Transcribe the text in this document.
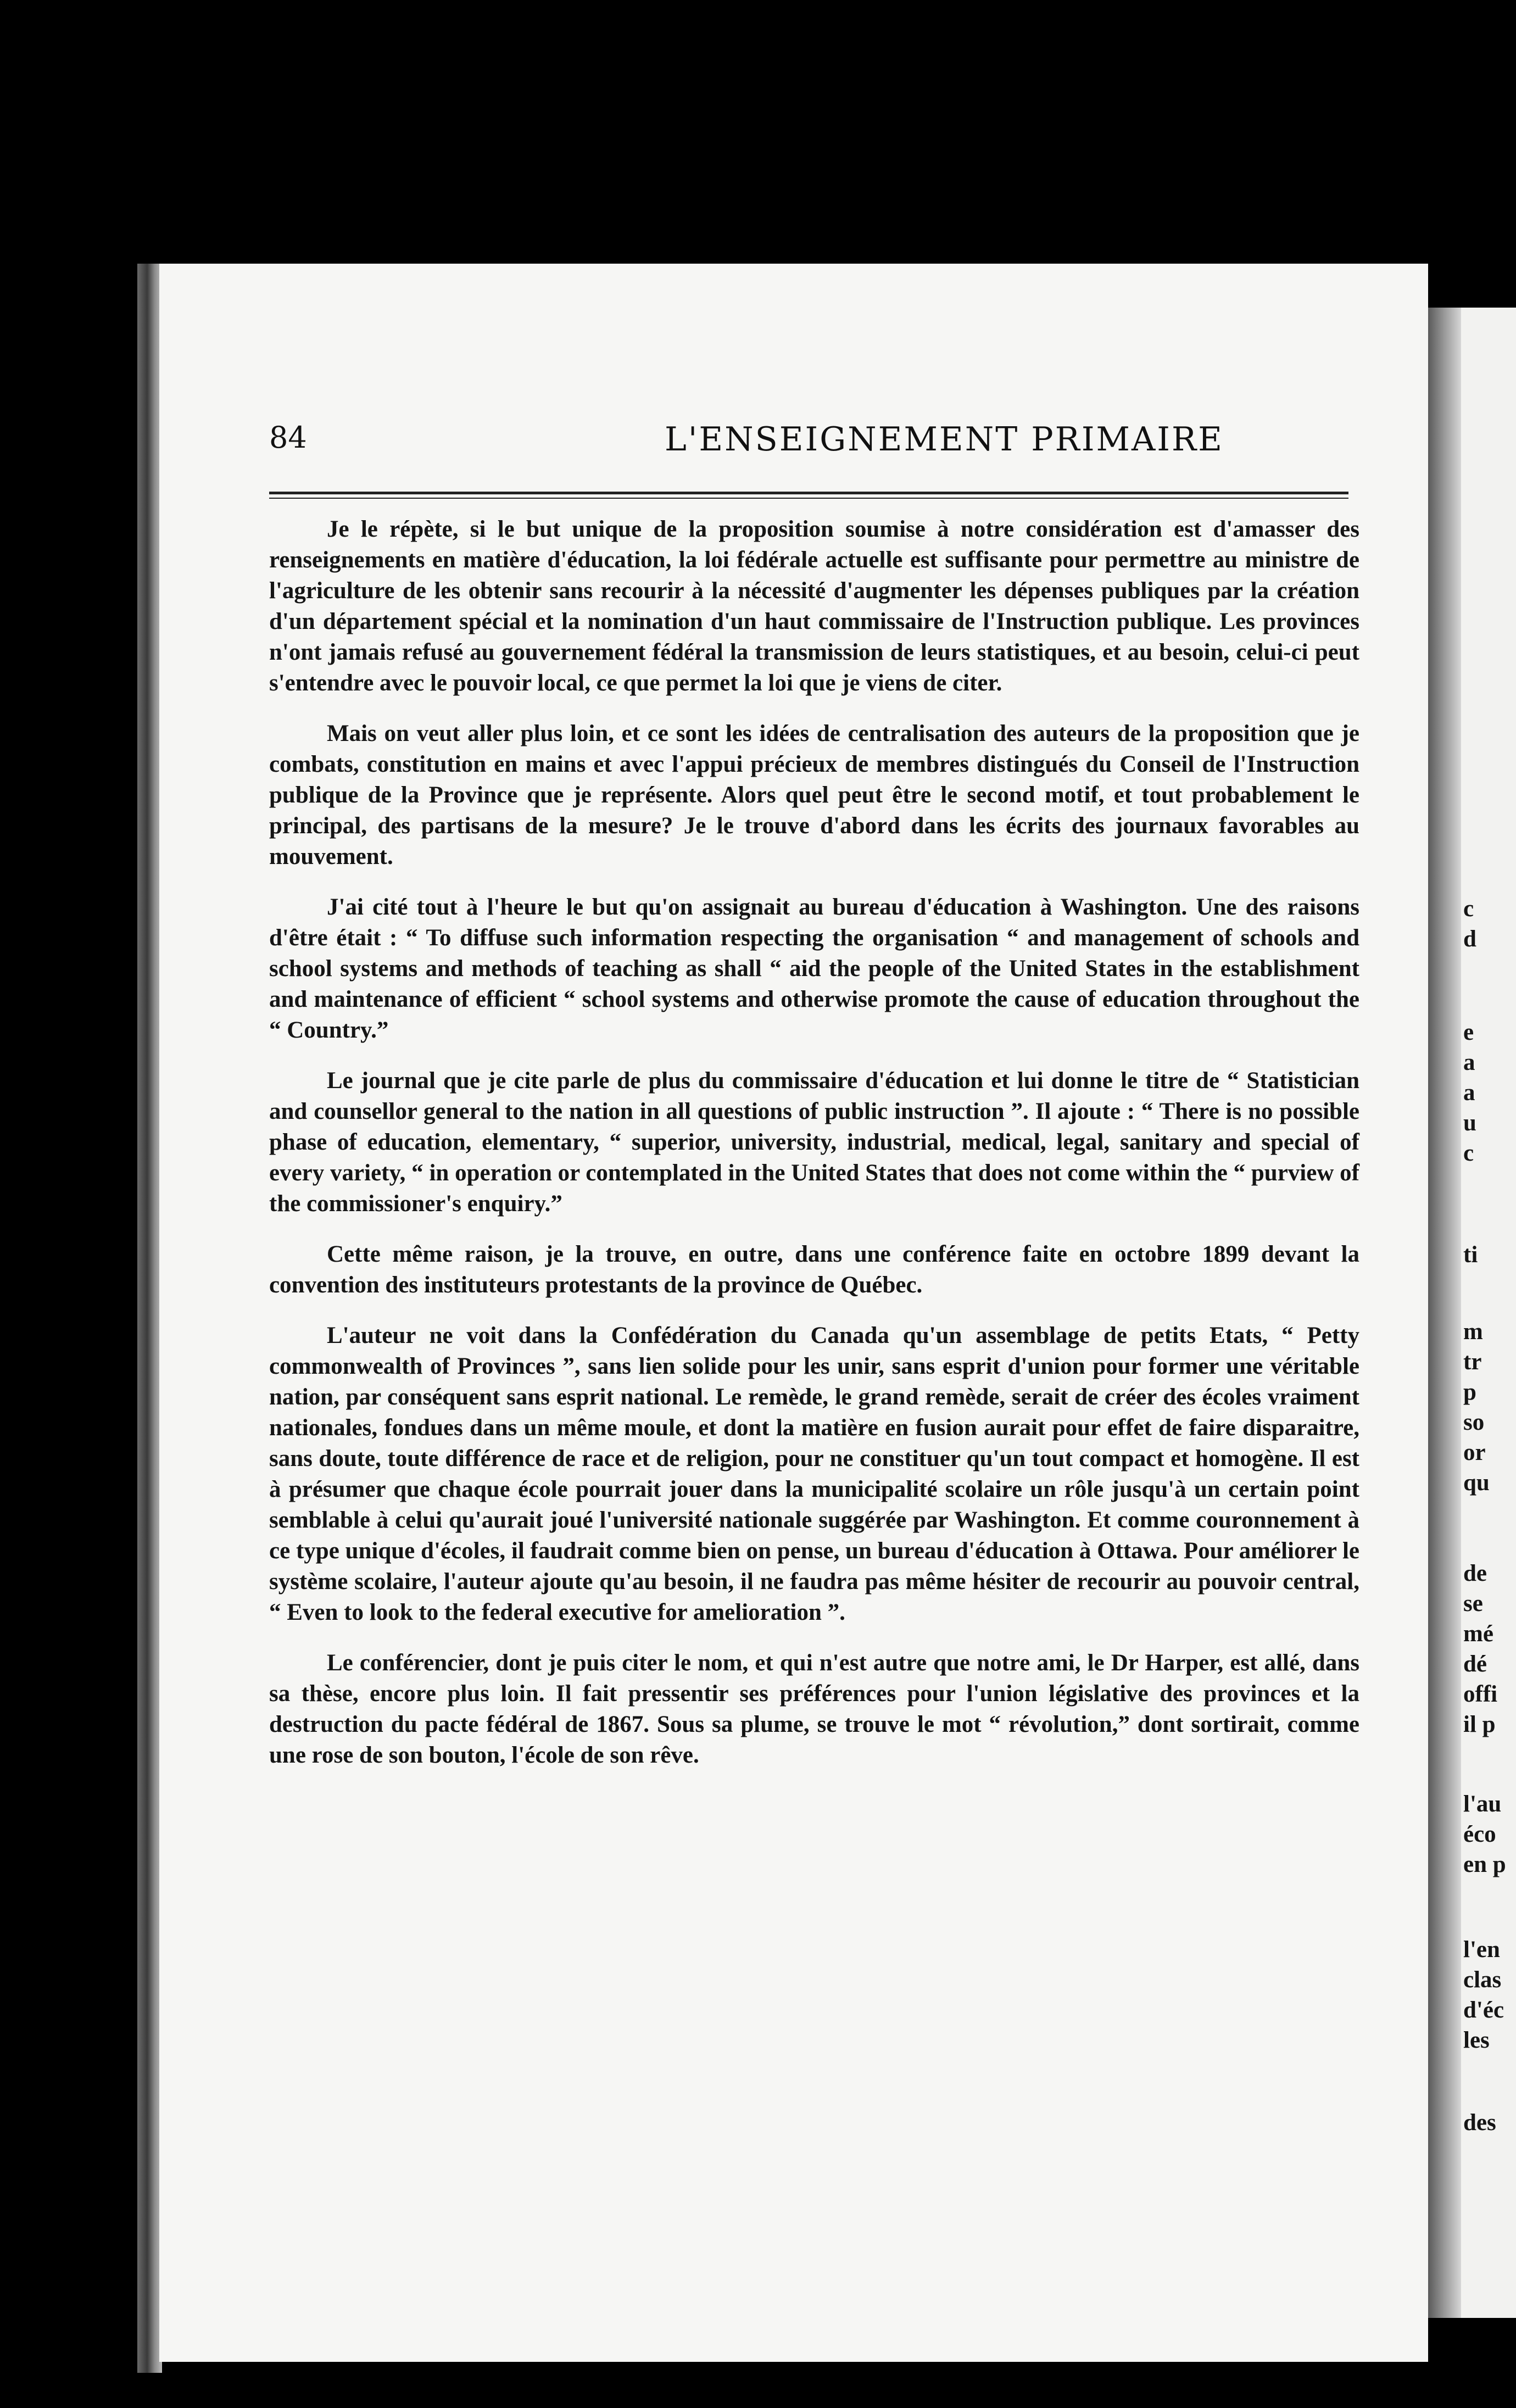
84	L'ENSEIGNEMENT PRIMAIRE

Je le répète, si le but unique de la proposition soumise à notre considération est d'amasser des renseignements en matière d'éducation, la loi fédérale actuelle est suffisante pour permettre au ministre de l'agriculture de les obtenir sans recourir à la nécessité d'augmenter les dépenses publiques par la création d'un département spécial et la nomination d'un haut commissaire de l'Instruction publique. Les provinces n'ont jamais refusé au gouvernement fédéral la transmission de leurs statistiques, et au besoin, celui-ci peut s'entendre avec le pouvoir local, ce que permet la loi que je viens de citer.

Mais on veut aller plus loin, et ce sont les idées de centralisation des auteurs de la proposition que je combats, constitution en mains et avec l'appui précieux de membres distingués du Conseil de l'Instruction publique de la Province que je représente. Alors quel peut être le second motif, et tout probablement le principal, des partisans de la mesure? Je le trouve d'abord dans les écrits des journaux favorables au mouvement.

J'ai cité tout à l'heure le but qu'on assignait au bureau d'éducation à Washington. Une des raisons d'être était : “ To diffuse such information respecting the organisation “ and management of schools and school systems and methods of teaching as shall “ aid the people of the United States in the establishment and maintenance of efficient “ school systems and otherwise promote the cause of education throughout the “ Country.”

Le journal que je cite parle de plus du commissaire d'éducation et lui donne le titre de “ Statistician and counsellor general to the nation in all questions of public instruction ”. Il ajoute : “ There is no possible phase of education, elementary, “ superior, university, industrial, medical, legal, sanitary and special of every variety, “ in operation or contemplated in the United States that does not come within the “ purview of the commissioner's enquiry.”

Cette même raison, je la trouve, en outre, dans une conférence faite en octobre 1899 devant la convention des instituteurs protestants de la province de Québec.

L'auteur ne voit dans la Confédération du Canada qu'un assemblage de petits Etats, “ Petty commonwealth of Provinces ”, sans lien solide pour les unir, sans esprit d'union pour former une véritable nation, par conséquent sans esprit national. Le remède, le grand remède, serait de créer des écoles vraiment nationales, fondues dans un même moule, et dont la matière en fusion aurait pour effet de faire disparaitre, sans doute, toute différence de race et de religion, pour ne constituer qu'un tout compact et homogène. Il est à présumer que chaque école pourrait jouer dans la municipalité scolaire un rôle jusqu'à un certain point semblable à celui qu'aurait joué l'université nationale suggérée par Washington. Et comme couronnement à ce type unique d'écoles, il faudrait comme bien on pense, un bureau d'éducation à Ottawa. Pour améliorer le système scolaire, l'auteur ajoute qu'au besoin, il ne faudra pas même hésiter de recourir au pouvoir central, “ Even to look to the federal executive for amelioration ”.

Le conférencier, dont je puis citer le nom, et qui n'est autre que notre ami, le Dr Harper, est allé, dans sa thèse, encore plus loin. Il fait pressentir ses préférences pour l'union législative des provinces et la destruction du pacte fédéral de 1867. Sous sa plume, se trouve le mot “ révolution,” dont sortirait, comme une rose de son bouton, l'école de son rêve.

c
d
e
a
a
u
c
ti
m
tr
p
so
or
qu
de
se
mé
dé
offi
il p
l'au
éco
en p
l'en
clas
d'éc
les
des
